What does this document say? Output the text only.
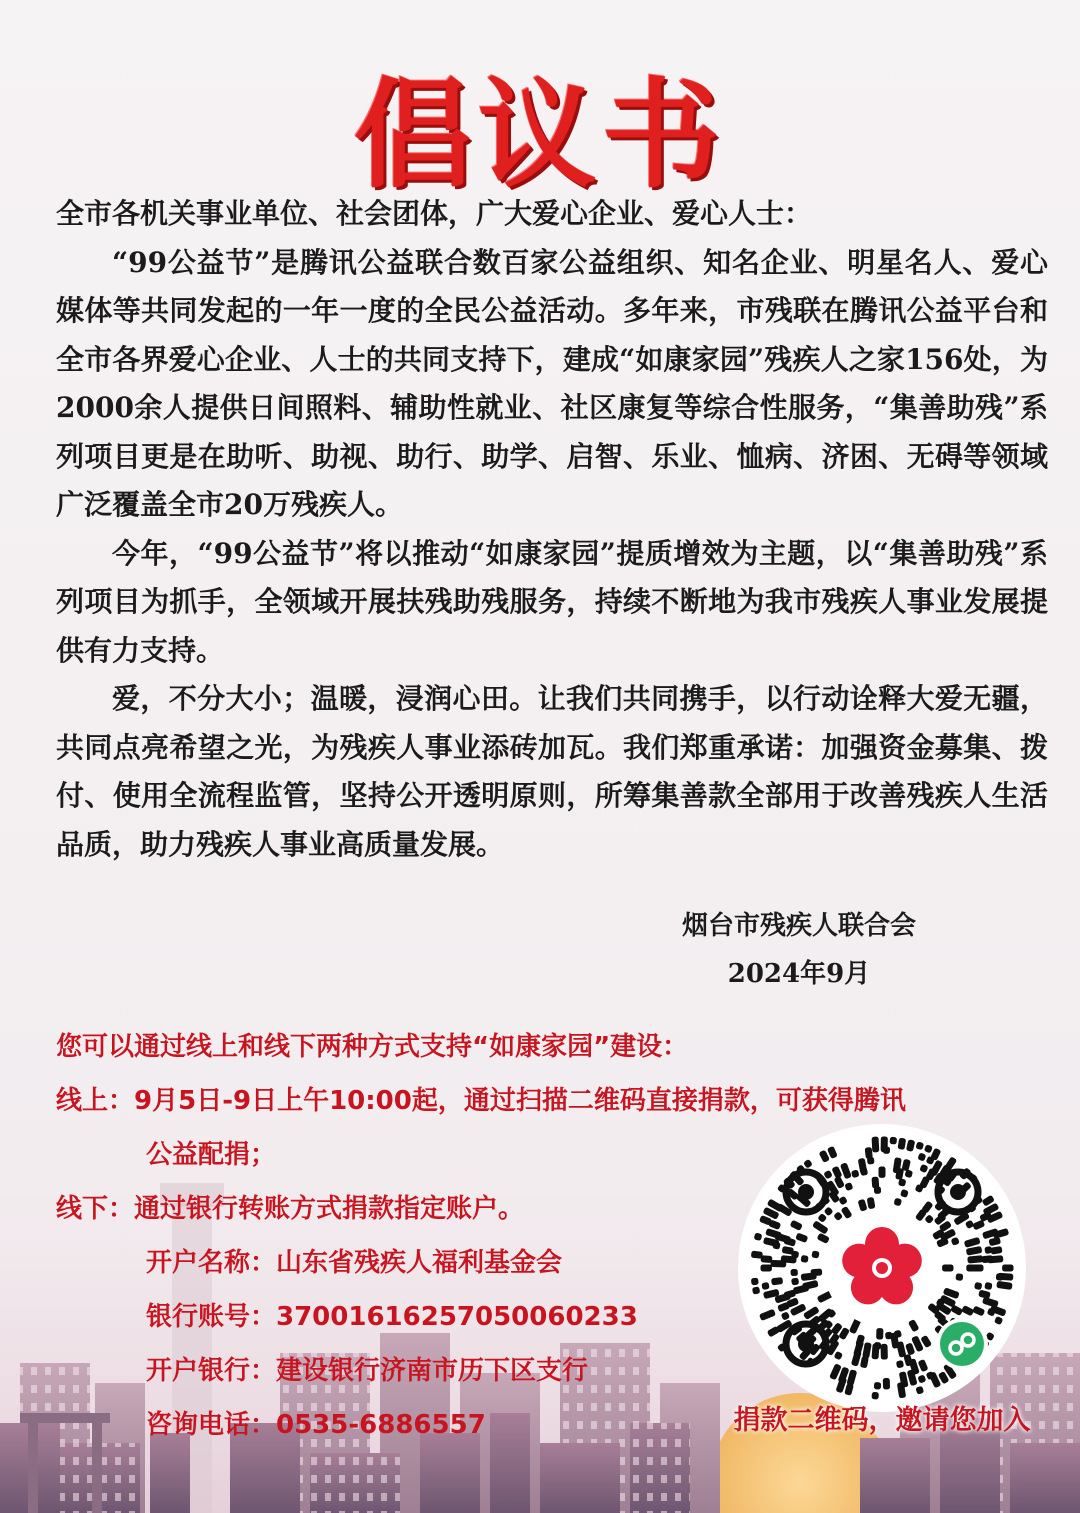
倡议书

全市各机关事业单位、社会团体，广大爱心企业、爱心人士：

“99公益节”是腾讯公益联合数百家公益组织、知名企业、明星名人、爱心媒体等共同发起的一年一度的全民公益活动。多年来，市残联在腾讯公益平台和全市各界爱心企业、人士的共同支持下，建成“如康家园”残疾人之家156处，为2000余人提供日间照料、辅助性就业、社区康复等综合性服务，“集善助残”系列项目更是在助听、助视、助行、助学、启智、乐业、恤病、济困、无碍等领域广泛覆盖全市20万残疾人。

今年，“99公益节”将以推动“如康家园”提质增效为主题，以“集善助残”系列项目为抓手，全领域开展扶残助残服务，持续不断地为我市残疾人事业发展提供有力支持。

爱，不分大小；温暖，浸润心田。让我们共同携手，以行动诠释大爱无疆，共同点亮希望之光，为残疾人事业添砖加瓦。我们郑重承诺：加强资金募集、拨付、使用全流程监管，坚持公开透明原则，所筹集善款全部用于改善残疾人生活品质，助力残疾人事业高质量发展。

烟台市残疾人联合会
2024年9月
您可以通过线上和线下两种方式支持“如康家园”建设：
线上：9月5日-9日上午10:00起，通过扫描二维码直接捐款，可获得腾讯
公益配捐；
线下：通过银行转账方式捐款指定账户。
开户名称：山东省残疾人福利基金会
银行账号：37001616257050060233
开户银行：建设银行济南市历下区支行
咨询电话：0535-6886557	捐款二维码，邀请您加入
